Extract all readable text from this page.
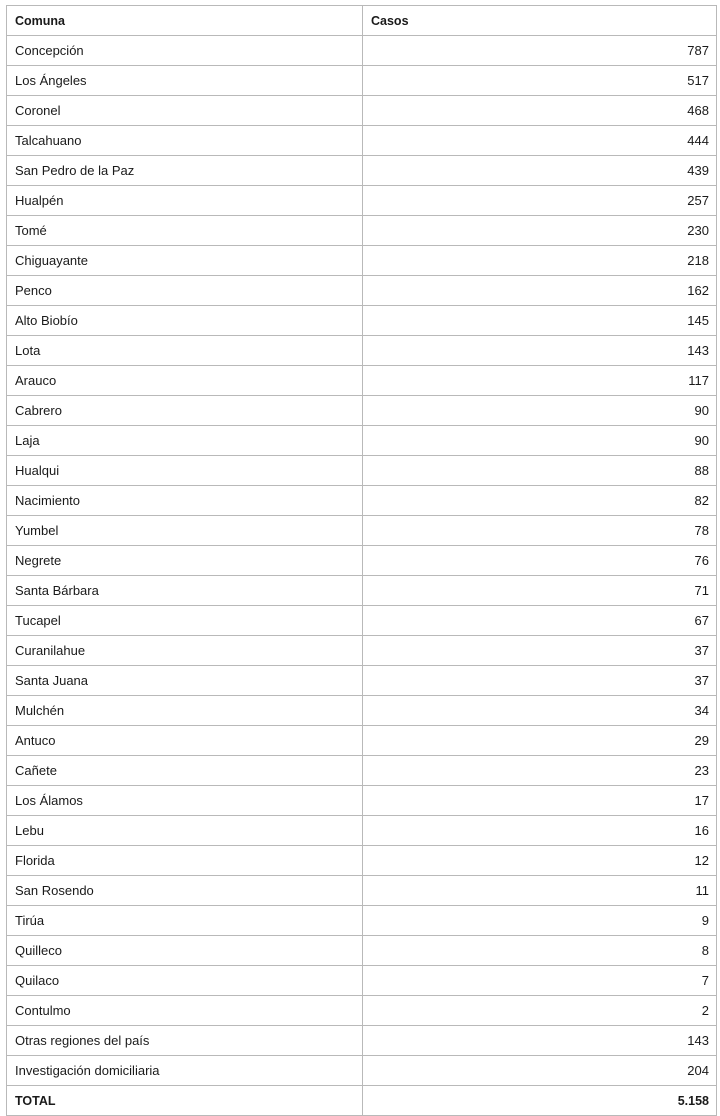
Comuna	Casos
Concepción	787
Los Ángeles	517
Coronel	468
Talcahuano	444
San Pedro de la Paz	439
Hualpén	257
Tomé	230
Chiguayante	218
Penco	162
Alto Biobío	145
Lota	143
Arauco	117
Cabrero	90
Laja	90
Hualqui	88
Nacimiento	82
Yumbel	78
Negrete	76
Santa Bárbara	71
Tucapel	67
Curanilahue	37
Santa Juana	37
Mulchén	34
Antuco	29
Cañete	23
Los Álamos	17
Lebu	16
Florida	12
San Rosendo	11
Tirúa	9
Quilleco	8
Quilaco	7
Contulmo	2
Otras regiones del país	143
Investigación domiciliaria	204
TOTAL	5.158
